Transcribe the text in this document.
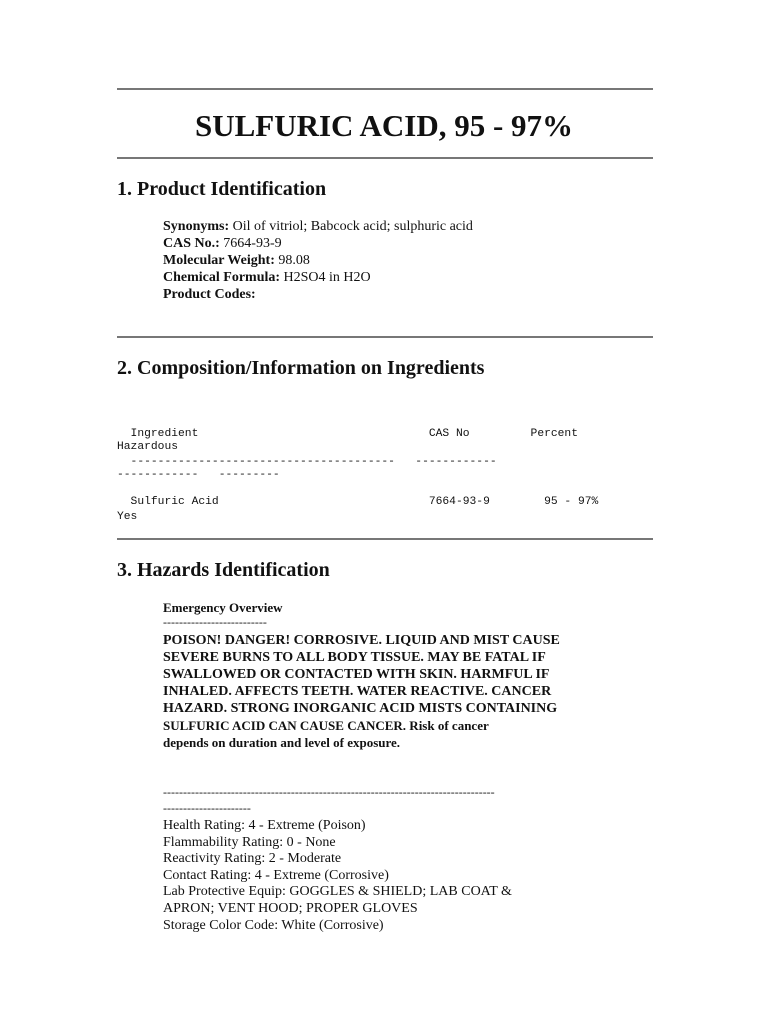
SULFURIC ACID, 95 - 97%
1. Product Identification
Synonyms: Oil of vitriol; Babcock acid; sulphuric acid
CAS No.: 7664-93-9
Molecular Weight: 98.08
Chemical Formula: H2SO4 in H2O
Product Codes:
2. Composition/Information on Ingredients
Ingredient                                  CAS No         Percent
Hazardous
---------------------------------------   ------------
------------   ---------
Sulfuric Acid                               7664-93-9        95 - 97%
Yes
3. Hazards Identification
Emergency Overview
--------------------------
POISON! DANGER! CORROSIVE. LIQUID AND MIST CAUSE
SEVERE BURNS TO ALL BODY TISSUE. MAY BE FATAL IF
SWALLOWED OR CONTACTED WITH SKIN. HARMFUL IF
INHALED. AFFECTS TEETH. WATER REACTIVE. CANCER
HAZARD. STRONG INORGANIC ACID MISTS CONTAINING
SULFURIC ACID CAN CAUSE CANCER. Risk of cancer
depends on duration and level of exposure.
-----------------------------------------------------------------------------------
----------------------
Health Rating: 4 - Extreme (Poison)
Flammability Rating: 0 - None
Reactivity Rating: 2 - Moderate
Contact Rating: 4 - Extreme (Corrosive)
Lab Protective Equip: GOGGLES & SHIELD; LAB COAT &
APRON; VENT HOOD; PROPER GLOVES
Storage Color Code: White (Corrosive)
